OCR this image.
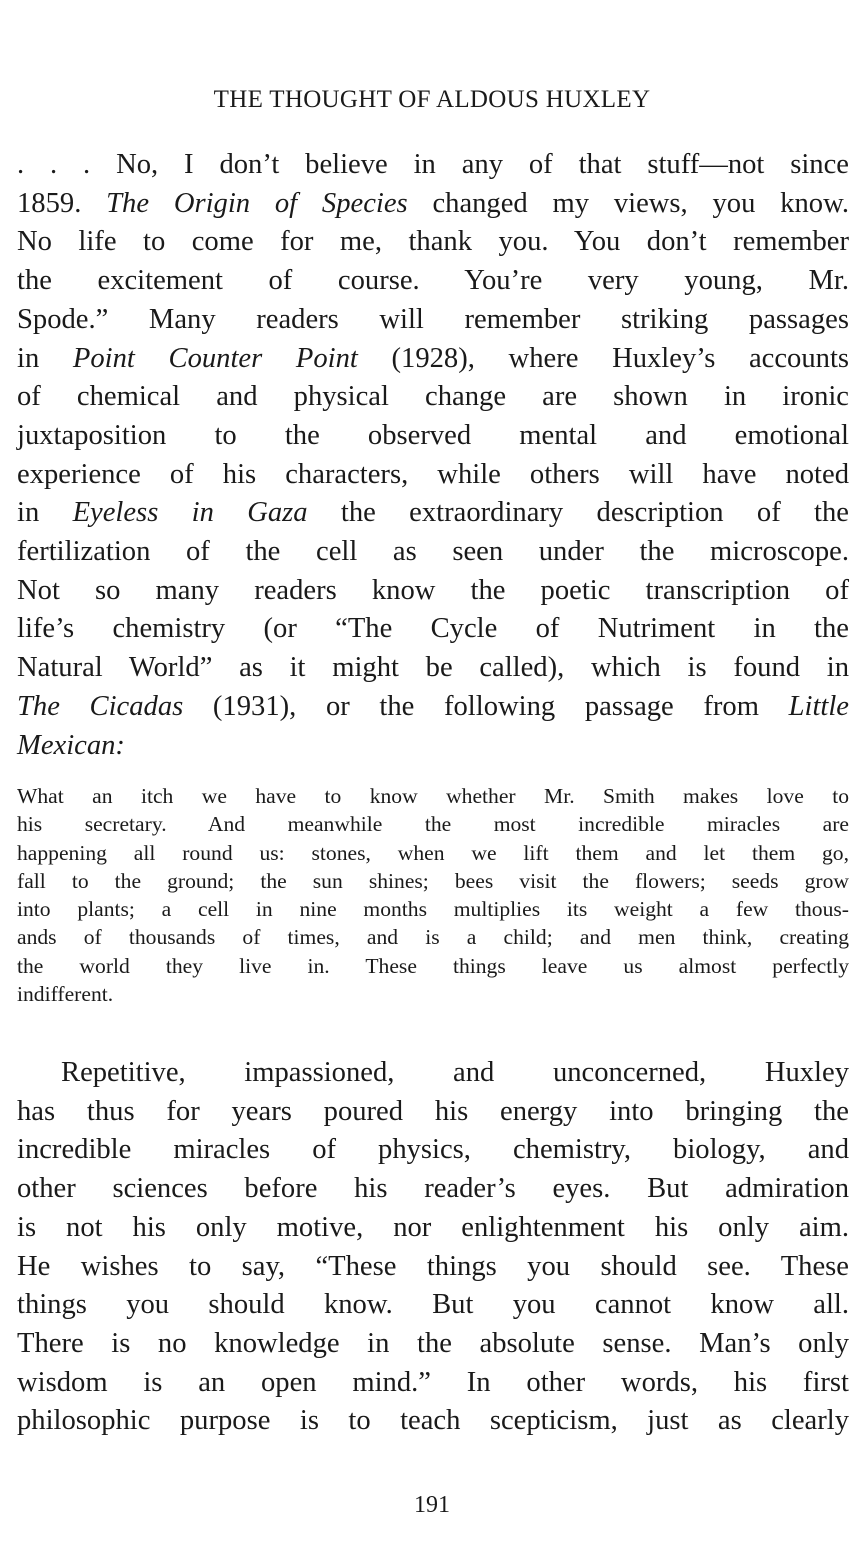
THE THOUGHT OF ALDOUS HUXLEY
. . . No, I don’t believe in any of that stuff—not since
1859. The Origin of Species changed my views, you know.
No life to come for me, thank you. You don’t remember
the excitement of course. You’re very young, Mr.
Spode.” Many readers will remember striking passages
in Point Counter Point (1928), where Huxley’s accounts
of chemical and physical change are shown in ironic
juxtaposition to the observed mental and emotional
experience of his characters, while others will have noted
in Eyeless in Gaza the extraordinary description of the
fertilization of the cell as seen under the microscope.
Not so many readers know the poetic transcription of
life’s chemistry (or “The Cycle of Nutriment in the
Natural World” as it might be called), which is found in
The Cicadas (1931), or the following passage from Little
Mexican:
What an itch we have to know whether Mr. Smith makes love to
his secretary. And meanwhile the most incredible miracles are
happening all round us: stones, when we lift them and let them go,
fall to the ground; the sun shines; bees visit the flowers; seeds grow
into plants; a cell in nine months multiplies its weight a few thous-
ands of thousands of times, and is a child; and men think, creating
the world they live in. These things leave us almost perfectly
indifferent.
Repetitive, impassioned, and unconcerned, Huxley
has thus for years poured his energy into bringing the
incredible miracles of physics, chemistry, biology, and
other sciences before his reader’s eyes. But admiration
is not his only motive, nor enlightenment his only aim.
He wishes to say, “These things you should see. These
things you should know. But you cannot know all.
There is no knowledge in the absolute sense. Man’s only
wisdom is an open mind.” In other words, his first
philosophic purpose is to teach scepticism, just as clearly
191
